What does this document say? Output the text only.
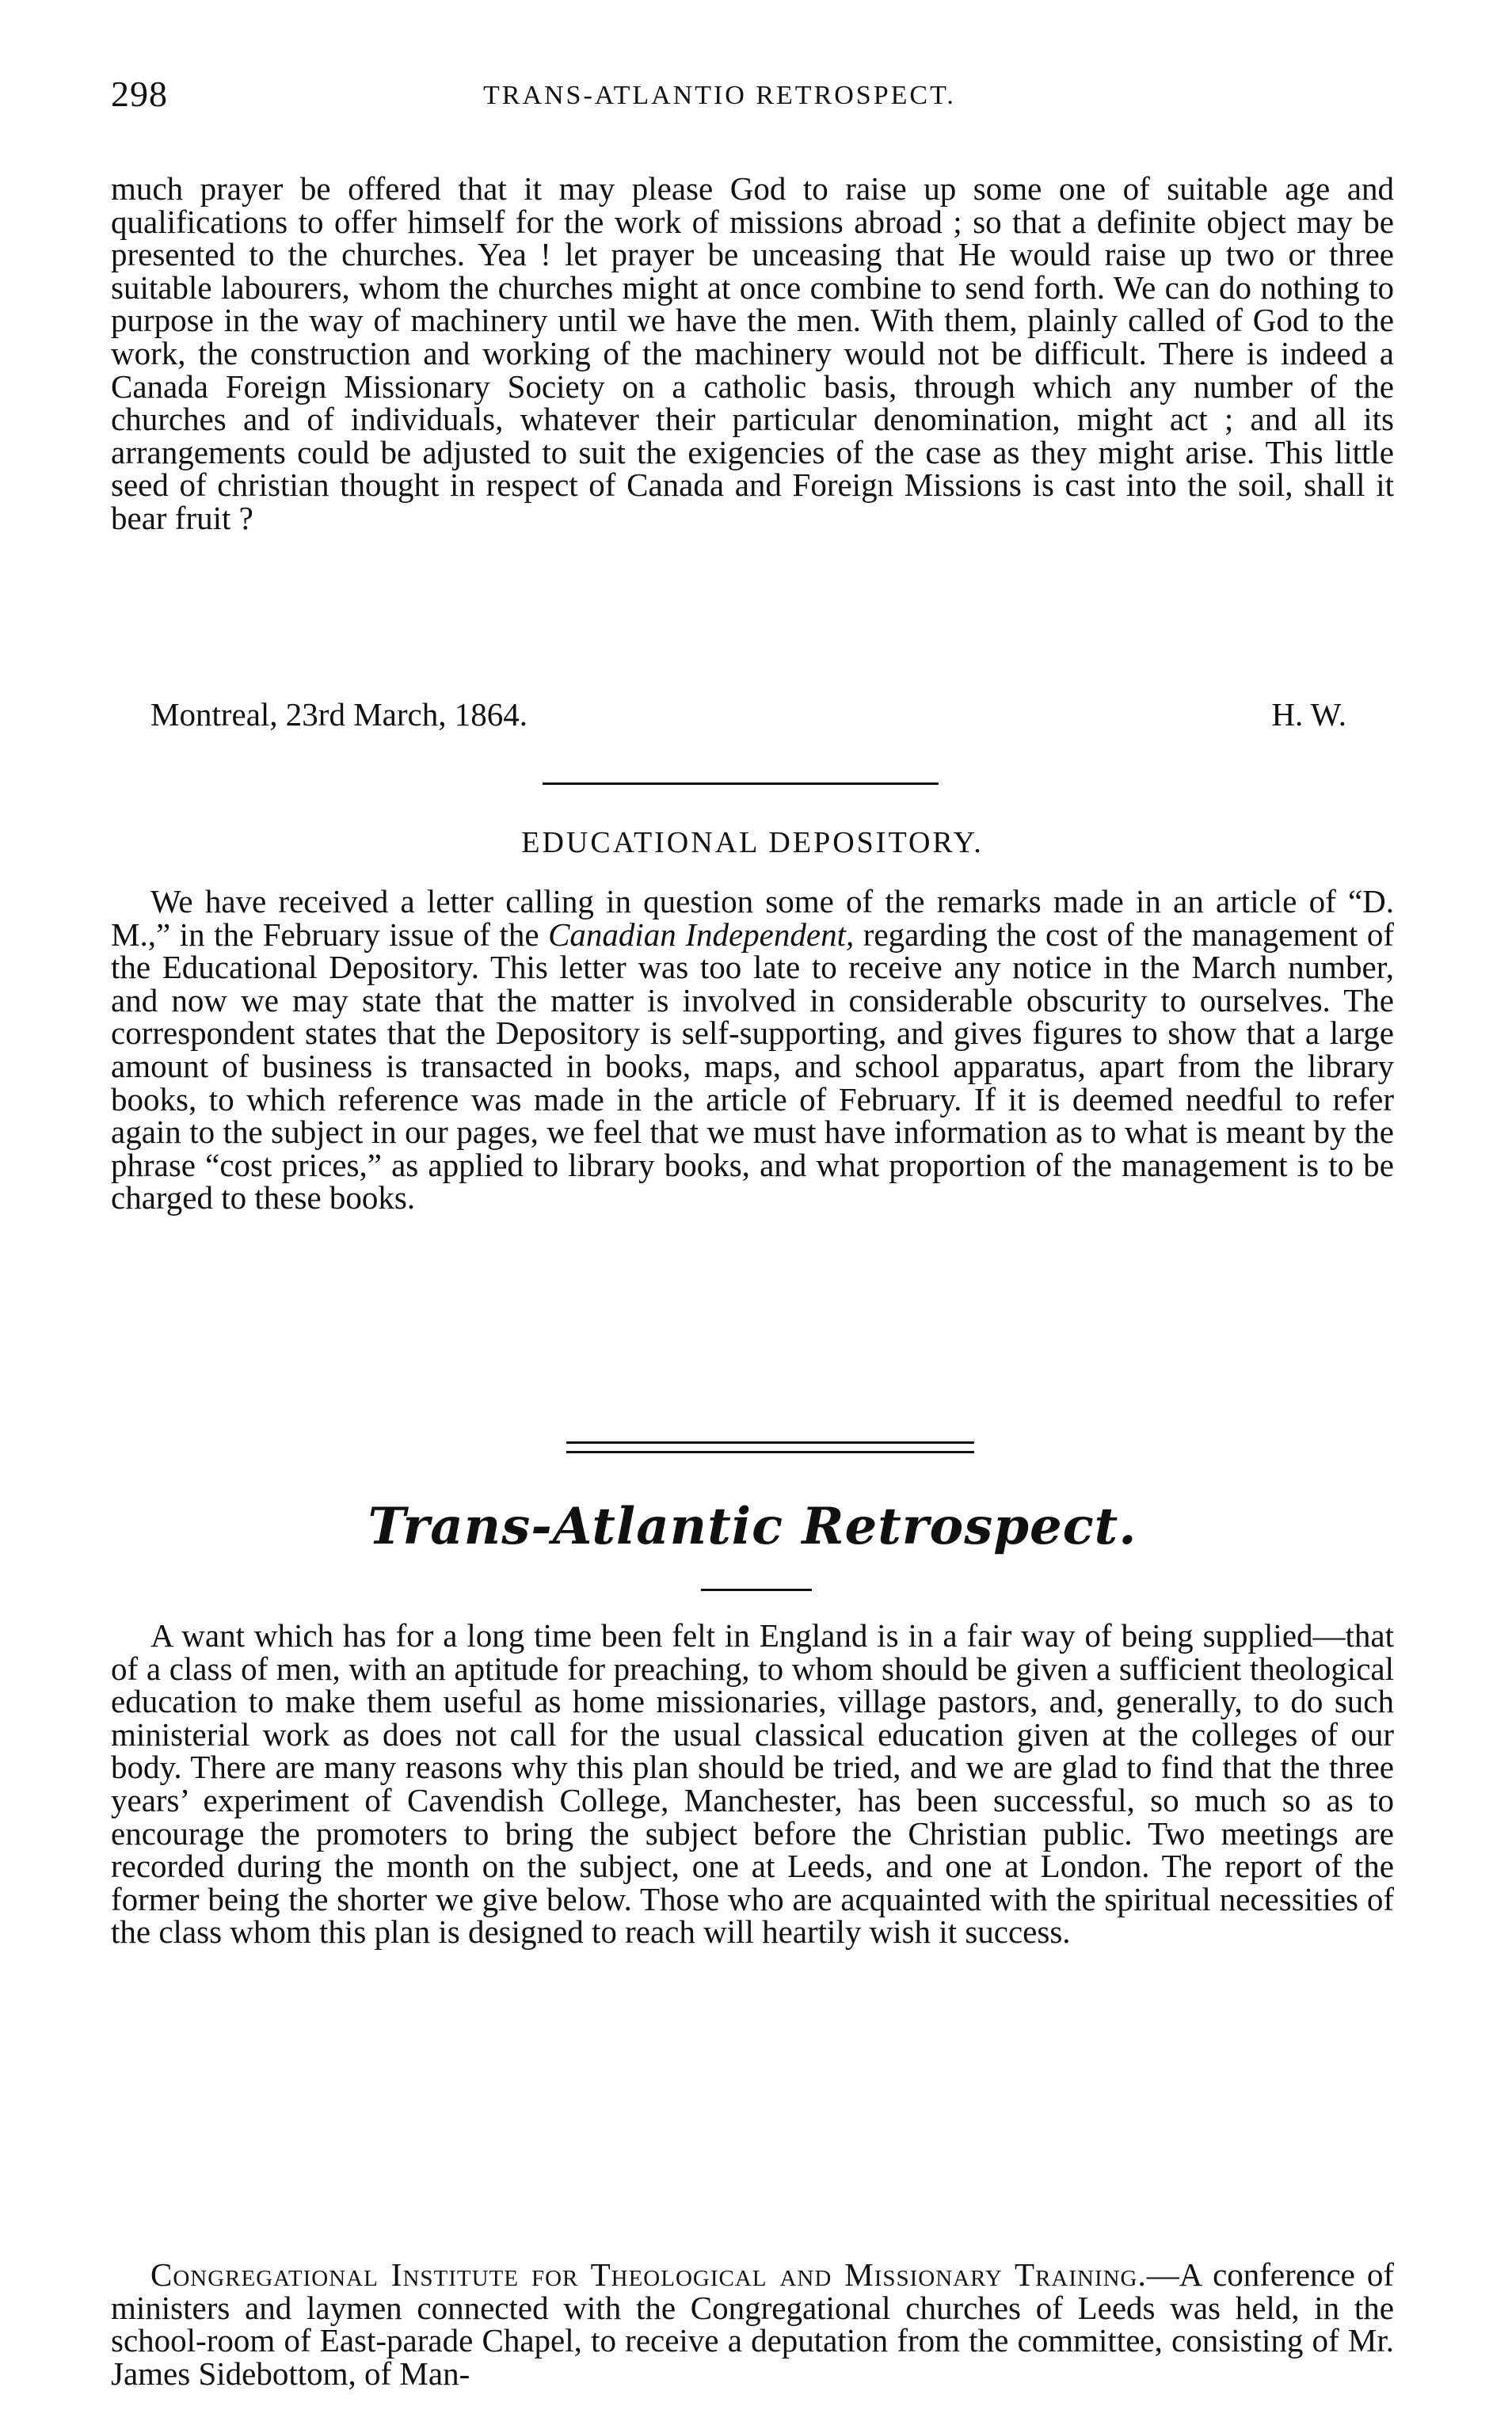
298	TRANS-ATLANTIO RETROSPECT.

much prayer be offered that it may please God to raise up some one of suitable age and qualifications to offer himself for the work of missions abroad ; so that a definite object may be presented to the churches. Yea ! let prayer be unceasing that He would raise up two or three suitable labourers, whom the churches might at once combine to send forth. We can do nothing to purpose in the way of machinery until we have the men. With them, plainly called of God to the work, the construction and working of the machinery would not be difficult. There is indeed a Canada Foreign Missionary Society on a catholic basis, through which any number of the churches and of individuals, whatever their particular denomination, might act ; and all its arrangements could be adjusted to suit the exigencies of the case as they might arise. This little seed of christian thought in respect of Canada and Foreign Missions is cast into the soil, shall it bear fruit ?

Montreal, 23rd March, 1864.	H. W.
EDUCATIONAL DEPOSITORY.

We have received a letter calling in question some of the remarks made in an article of “D. M.,” in the February issue of the Canadian Independent, regarding the cost of the management of the Educational Depository. This letter was too late to receive any notice in the March number, and now we may state that the matter is involved in considerable obscurity to ourselves. The correspondent states that the Depository is self-supporting, and gives figures to show that a large amount of business is transacted in books, maps, and school apparatus, apart from the library books, to which reference was made in the article of February. If it is deemed needful to refer again to the subject in our pages, we feel that we must have information as to what is meant by the phrase “cost prices,” as applied to library books, and what proportion of the management is to be charged to these books.

Trans-Atlantic Retrospect.

A want which has for a long time been felt in England is in a fair way of being supplied—that of a class of men, with an aptitude for preaching, to whom should be given a sufficient theological education to make them useful as home missionaries, village pastors, and, generally, to do such ministerial work as does not call for the usual classical education given at the colleges of our body. There are many reasons why this plan should be tried, and we are glad to find that the three years’ experiment of Cavendish College, Manchester, has been successful, so much so as to encourage the promoters to bring the subject before the Christian public. Two meetings are recorded during the month on the subject, one at Leeds, and one at London. The report of the former being the shorter we give below. Those who are acquainted with the spiritual necessities of the class whom this plan is designed to reach will heartily wish it success.

Congregational Institute for Theological and Missionary Training.—A conference of ministers and laymen connected with the Congregational churches of Leeds was held, in the school-room of East-parade Chapel, to receive a deputation from the committee, consisting of Mr. James Sidebottom, of Man-
